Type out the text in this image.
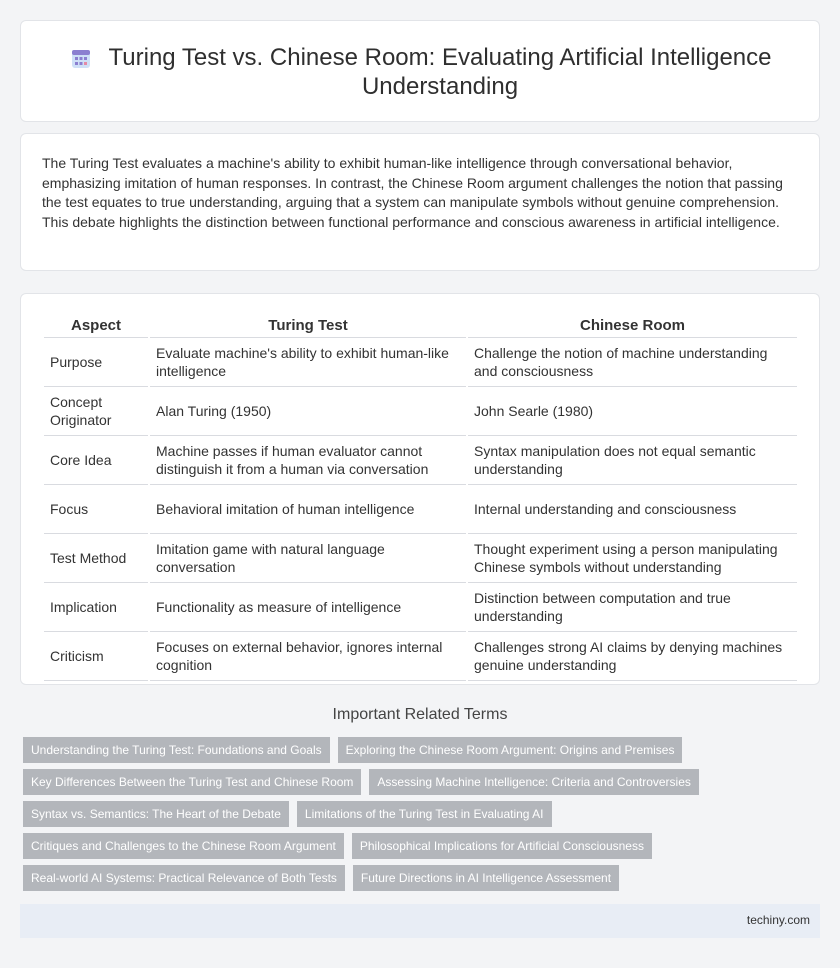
Turing Test vs. Chinese Room: Evaluating Artificial Intelligence Understanding

The Turing Test evaluates a machine's ability to exhibit human-like intelligence through conversational behavior, emphasizing imitation of human responses. In contrast, the Chinese Room argument challenges the notion that passing the test equates to true understanding, arguing that a system can manipulate symbols without genuine comprehension. This debate highlights the distinction between functional performance and conscious awareness in artificial intelligence.

Aspect	Turing Test	Chinese Room
Purpose	Evaluate machine's ability to exhibit human-like intelligence	Challenge the notion of machine understanding and consciousness
Concept Originator	Alan Turing (1950)	John Searle (1980)
Core Idea	Machine passes if human evaluator cannot distinguish it from a human via conversation	Syntax manipulation does not equal semantic understanding
Focus	Behavioral imitation of human intelligence	Internal understanding and consciousness
Test Method	Imitation game with natural language conversation	Thought experiment using a person manipulating Chinese symbols without understanding
Implication	Functionality as measure of intelligence	Distinction between computation and true understanding
Criticism	Focuses on external behavior, ignores internal cognition	Challenges strong AI claims by denying machines genuine understanding
Important Related Terms
Understanding the Turing Test: Foundations and Goals	Exploring the Chinese Room Argument: Origins and Premises
Key Differences Between the Turing Test and Chinese Room	Assessing Machine Intelligence: Criteria and Controversies
Syntax vs. Semantics: The Heart of the Debate	Limitations of the Turing Test in Evaluating AI
Critiques and Challenges to the Chinese Room Argument	Philosophical Implications for Artificial Consciousness
Real-world AI Systems: Practical Relevance of Both Tests	Future Directions in AI Intelligence Assessment
techiny.com
